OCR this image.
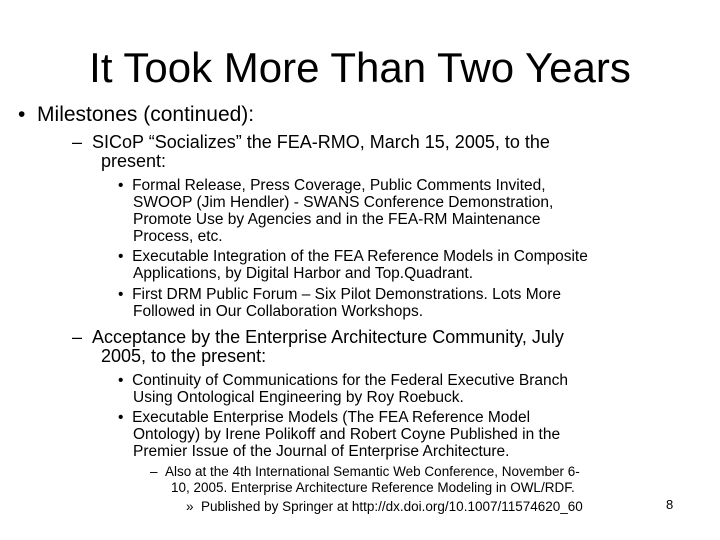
It Took More Than Two Years
• Milestones (continued):
– SICoP “Socializes” the FEA-RMO, March 15, 2005, to the
present:
• Formal Release, Press Coverage, Public Comments Invited,
SWOOP (Jim Hendler) - SWANS Conference Demonstration,
Promote Use by Agencies and in the FEA-RM Maintenance
Process, etc.
• Executable Integration of the FEA Reference Models in Composite
Applications, by Digital Harbor and Top.Quadrant.
• First DRM Public Forum – Six Pilot Demonstrations. Lots More
Followed in Our Collaboration Workshops.
– Acceptance by the Enterprise Architecture Community, July
2005, to the present:
• Continuity of Communications for the Federal Executive Branch
Using Ontological Engineering by Roy Roebuck.
• Executable Enterprise Models (The FEA Reference Model
Ontology) by Irene Polikoff and Robert Coyne Published in the
Premier Issue of the Journal of Enterprise Architecture.
– Also at the 4th International Semantic Web Conference, November 6-
10, 2005. Enterprise Architecture Reference Modeling in OWL/RDF.
» Published by Springer at http://dx.doi.org/10.1007/11574620_60	8
